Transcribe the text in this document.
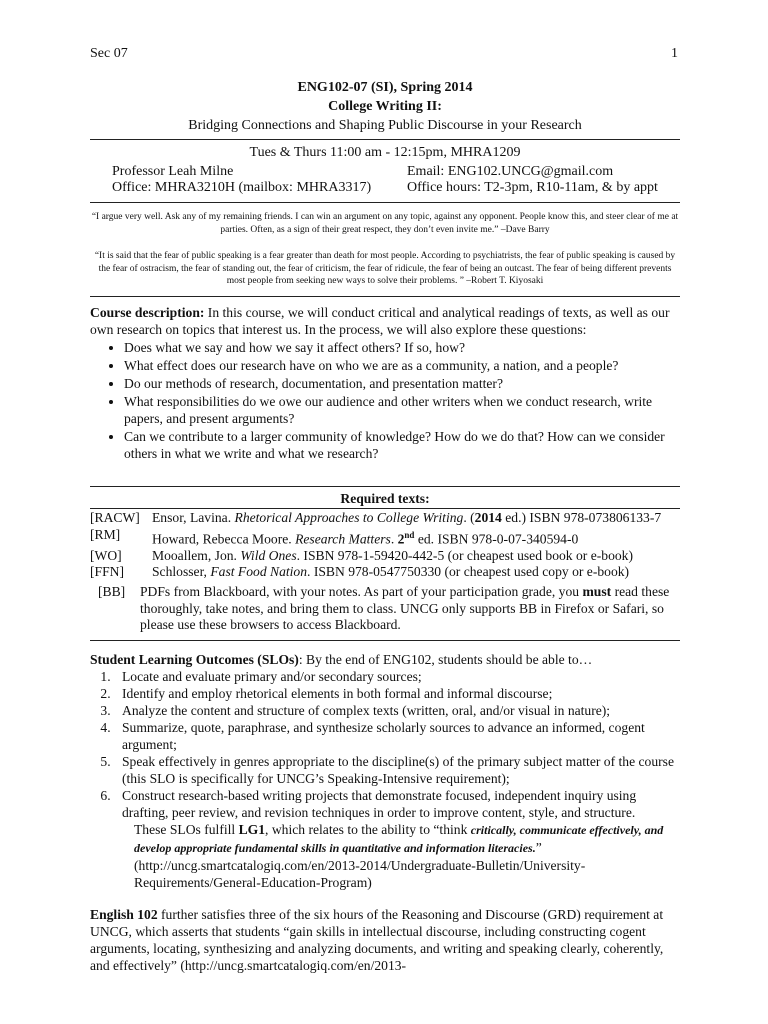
Sec 07	1
ENG102-07 (SI), Spring 2014
College Writing II:
Bridging Connections and Shaping Public Discourse in your Research
Tues & Thurs 11:00 am - 12:15pm, MHRA1209
Professor Leah Milne	Email: ENG102.UNCG@gmail.com
Office: MHRA3210H (mailbox: MHRA3317)	Office hours: T2-3pm, R10-11am, & by appt
“I argue very well. Ask any of my remaining friends. I can win an argument on any topic, against any opponent. People know this, and steer clear of me at parties. Often, as a sign of their great respect, they don’t even invite me.” –Dave Barry
“It is said that the fear of public speaking is a fear greater than death for most people. According to psychiatrists, the fear of public speaking is caused by the fear of ostracism, the fear of standing out, the fear of criticism, the fear of ridicule, the fear of being an outcast. The fear of being different prevents most people from seeking new ways to solve their problems. ” –Robert T. Kiyosaki
Course description: In this course, we will conduct critical and analytical readings of texts, as well as our own research on topics that interest us. In the process, we will also explore these questions:
• Does what we say and how we say it affect others? If so, how?
• What effect does our research have on who we are as a community, a nation, and a people?
• Do our methods of research, documentation, and presentation matter?
• What responsibilities do we owe our audience and other writers when we conduct research, write papers, and present arguments?
• Can we contribute to a larger community of knowledge? How do we do that? How can we consider others in what we write and what we research?
Required texts:
[RACW] Ensor, Lavina. Rhetorical Approaches to College Writing. (2014 ed.) ISBN 978-073806133-7
[RM]	Howard, Rebecca Moore. Research Matters. 2nd ed. ISBN 978-0-07-340594-0
[WO]	Mooallem, Jon. Wild Ones. ISBN 978-1-59420-442-5 (or cheapest used book or e-book)
[FFN]	Schlosser, Fast Food Nation. ISBN 978-0547750330 (or cheapest used copy or e-book)
[BB]	PDFs from Blackboard, with your notes. As part of your participation grade, you must read these thoroughly, take notes, and bring them to class. UNCG only supports BB in Firefox or Safari, so please use these browsers to access Blackboard.
Student Learning Outcomes (SLOs): By the end of ENG102, students should be able to…
1. Locate and evaluate primary and/or secondary sources;
2. Identify and employ rhetorical elements in both formal and informal discourse;
3. Analyze the content and structure of complex texts (written, oral, and/or visual in nature);
4. Summarize, quote, paraphrase, and synthesize scholarly sources to advance an informed, cogent argument;
5. Speak effectively in genres appropriate to the discipline(s) of the primary subject matter of the course (this SLO is specifically for UNCG’s Speaking-Intensive requirement);
6. Construct research-based writing projects that demonstrate focused, independent inquiry using drafting, peer review, and revision techniques in order to improve content, style, and structure.
These SLOs fulfill LG1, which relates to the ability to “think critically, communicate effectively, and develop appropriate fundamental skills in quantitative and information literacies.” (http://uncg.smartcatalogiq.com/en/2013-2014/Undergraduate-Bulletin/University-Requirements/General-Education-Program)
English 102 further satisfies three of the six hours of the Reasoning and Discourse (GRD) requirement at UNCG, which asserts that students “gain skills in intellectual discourse, including constructing cogent arguments, locating, synthesizing and analyzing documents, and writing and speaking clearly, coherently, and effectively” (http://uncg.smartcatalogiq.com/en/2013-
